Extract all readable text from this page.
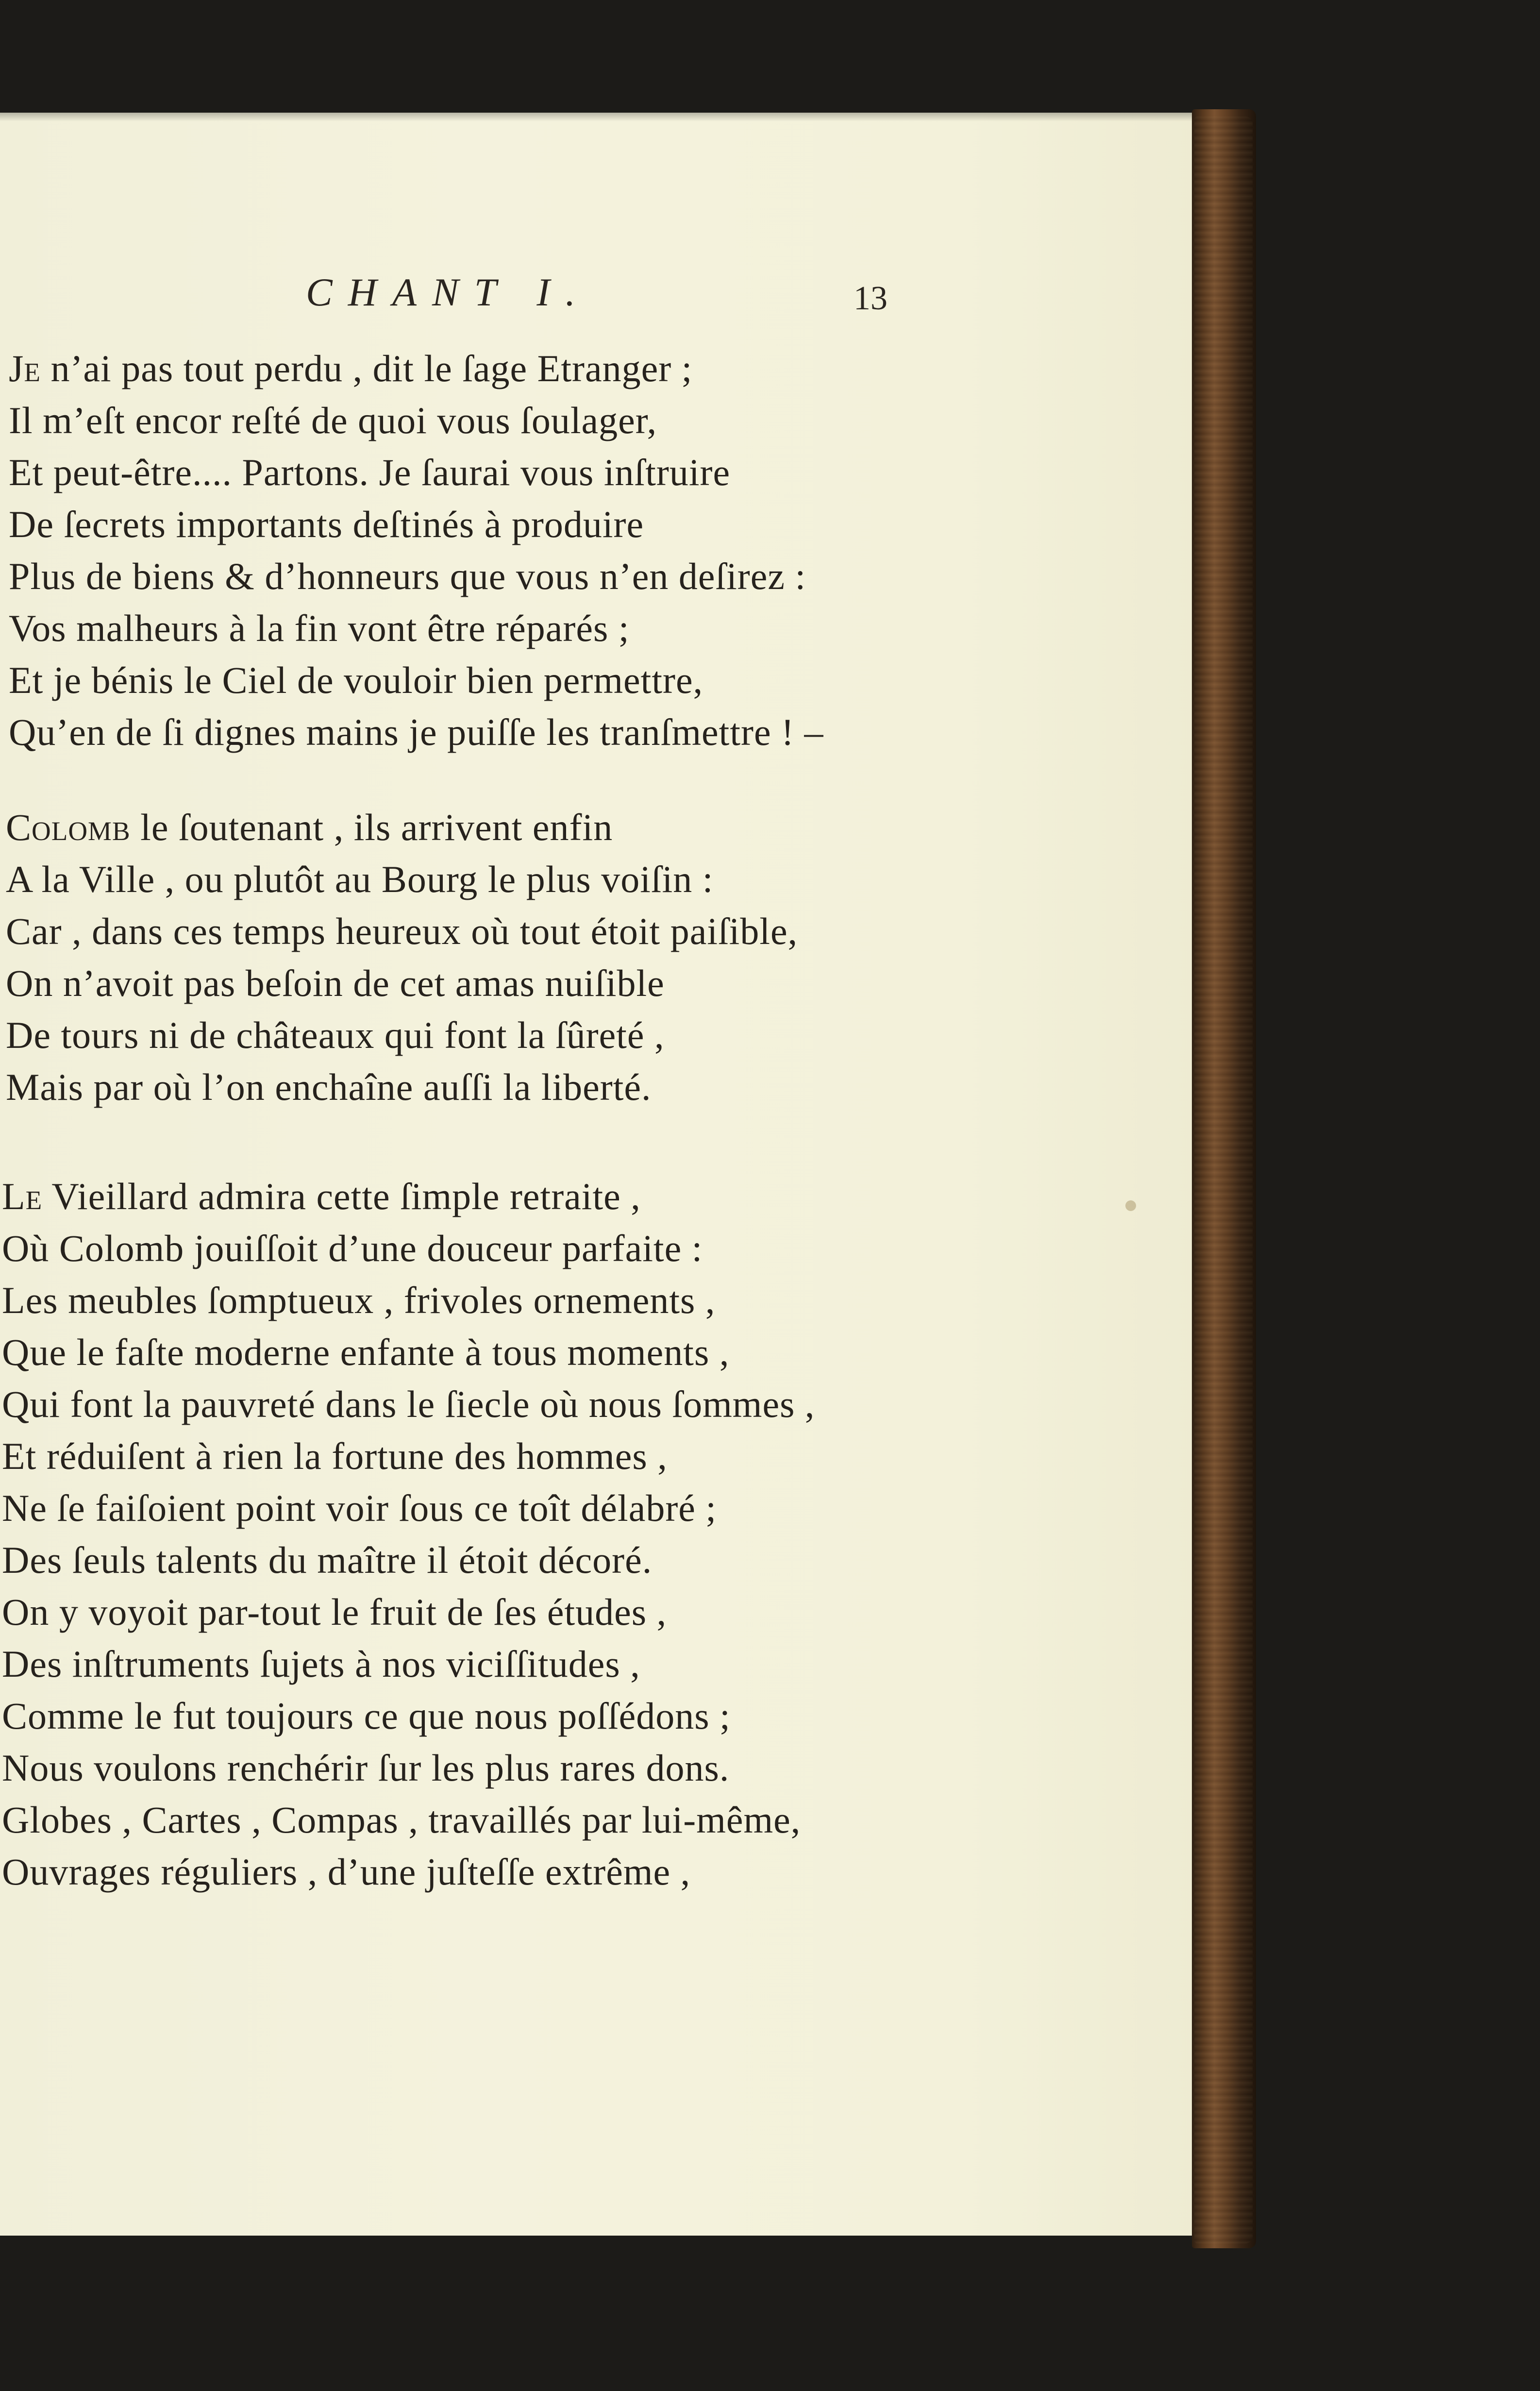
CHANT I.	13
Je n’ai pas tout perdu , dit le ſage Etranger ;
Il m’eſt encor reſté de quoi vous ſoulager,
Et peut-être.... Partons. Je ſaurai vous inſtruire
De ſecrets importants deſtinés à produire
Plus de biens & d’honneurs que vous n’en deſirez :
Vos malheurs à la fin vont être réparés ;
Et je bénis le Ciel de vouloir bien permettre,
Qu’en de ſi dignes mains je puiſſe les tranſmettre ! –
Colomb le ſoutenant , ils arrivent enfin
A la Ville , ou plutôt au Bourg le plus voiſin :
Car , dans ces temps heureux où tout étoit paiſible,
On n’avoit pas beſoin de cet amas nuiſible
De tours ni de châteaux qui font la ſûreté ,
Mais par où l’on enchaîne auſſi la liberté.
Le Vieillard admira cette ſimple retraite ,
Où Colomb jouiſſoit d’une douceur parfaite :
Les meubles ſomptueux , frivoles ornements ,
Que le faſte moderne enfante à tous moments ,
Qui font la pauvreté dans le ſiecle où nous ſommes ,
Et réduiſent à rien la fortune des hommes ,
Ne ſe faiſoient point voir ſous ce toît délabré ;
Des ſeuls talents du maître il étoit décoré.
On y voyoit par-tout le fruit de ſes études ,
Des inſtruments ſujets à nos viciſſitudes ,
Comme le fut toujours ce que nous poſſédons ;
Nous voulons renchérir ſur les plus rares dons.
Globes , Cartes , Compas , travaillés par lui-même,
Ouvrages réguliers , d’une juſteſſe extrême ,
